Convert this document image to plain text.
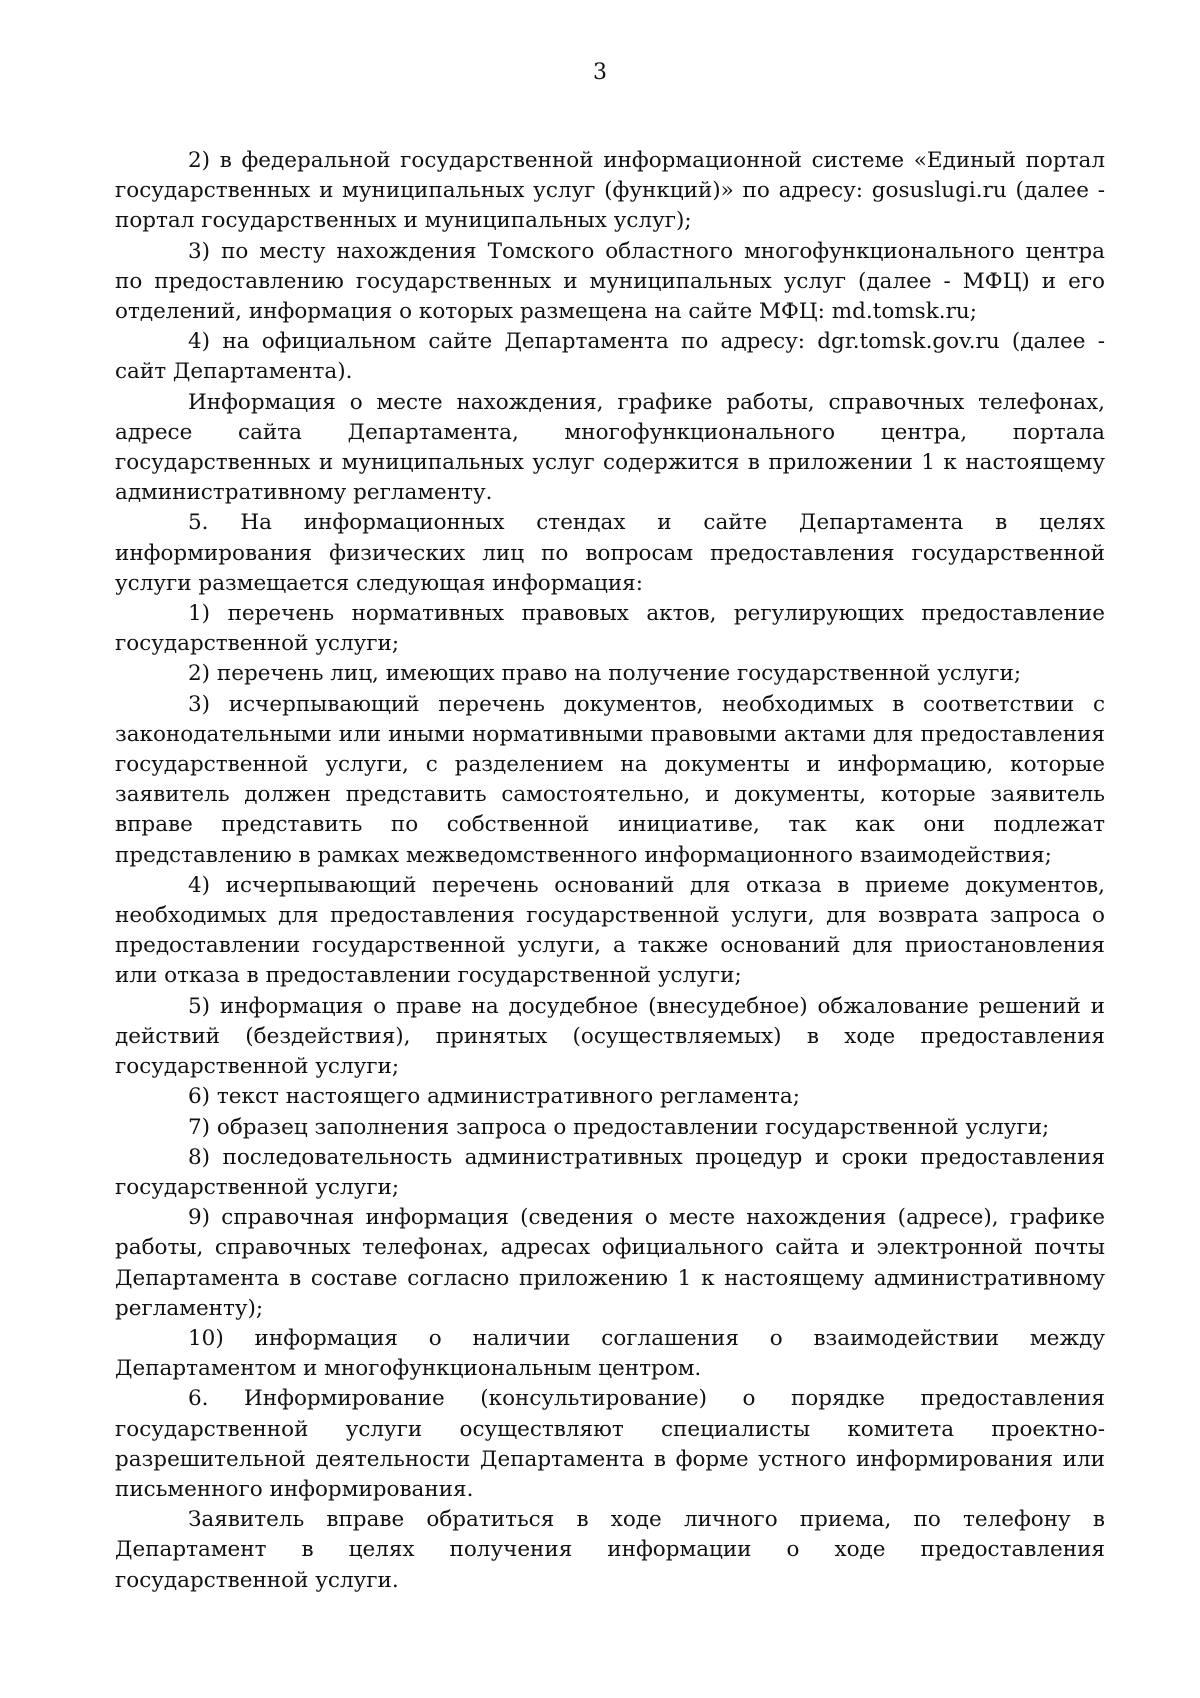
3

2) в федеральной государственной информационной системе «Единый портал государственных и муниципальных услуг (функций)» по адресу: gosuslugi.ru (далее - портал государственных и муниципальных услуг);

3) по месту нахождения Томского областного многофункционального центра по предоставлению государственных и муниципальных услуг (далее - МФЦ) и его отделений, информация о которых размещена на сайте МФЦ: md.tomsk.ru;

4) на официальном сайте Департамента по адресу: dgr.tomsk.gov.ru (далее - сайт Департамента).

Информация о месте нахождения, графике работы, справочных телефонах, адресе сайта Департамента, многофункционального центра, портала государственных и муниципальных услуг содержится в приложении 1 к настоящему административному регламенту.

5. На информационных стендах и сайте Департамента в целях информирования физических лиц по вопросам предоставления государственной услуги размещается следующая информация:

1) перечень нормативных правовых актов, регулирующих предоставление государственной услуги;

2) перечень лиц, имеющих право на получение государственной услуги;

3) исчерпывающий перечень документов, необходимых в соответствии с законодательными или иными нормативными правовыми актами для предоставления государственной услуги, с разделением на документы и информацию, которые заявитель должен представить самостоятельно, и документы, которые заявитель вправе представить по собственной инициативе, так как они подлежат представлению в рамках межведомственного информационного взаимодействия;

4) исчерпывающий перечень оснований для отказа в приеме документов, необходимых для предоставления государственной услуги, для возврата запроса о предоставлении государственной услуги, а также оснований для приостановления или отказа в предоставлении государственной услуги;

5) информация о праве на досудебное (внесудебное) обжалование решений и действий (бездействия), принятых (осуществляемых) в ходе предоставления государственной услуги;

6) текст настоящего административного регламента;

7) образец заполнения запроса о предоставлении государственной услуги;

8) последовательность административных процедур и сроки предоставления государственной услуги;

9) справочная информация (сведения о месте нахождения (адресе), графике работы, справочных телефонах, адресах официального сайта и электронной почты Департамента в составе согласно приложению 1 к настоящему административному регламенту);

10) информация о наличии соглашения о взаимодействии между Департаментом и многофункциональным центром.

6. Информирование (консультирование) о порядке предоставления государственной услуги осуществляют специалисты комитета проектно-разрешительной деятельности Департамента в форме устного информирования или письменного информирования.

Заявитель вправе обратиться в ходе личного приема, по телефону в Департамент в целях получения информации о ходе предоставления государственной услуги.
